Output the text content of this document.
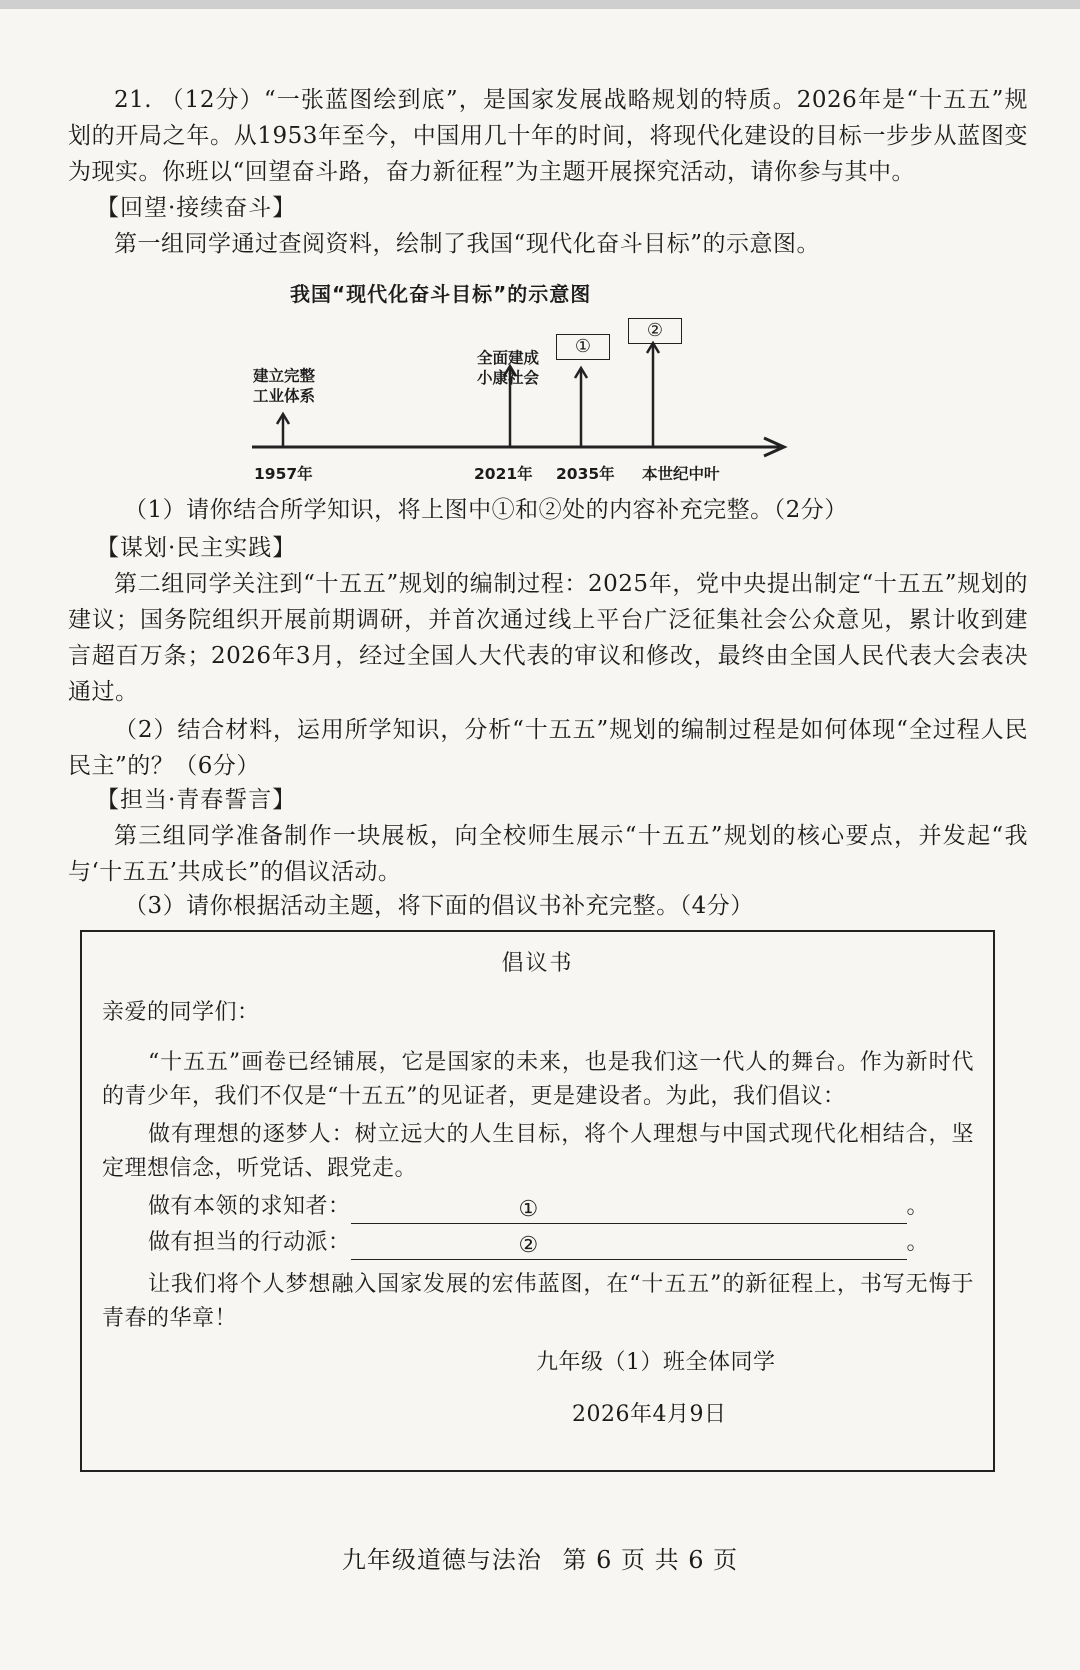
21. （12分）“一张蓝图绘到底”，是国家发展战略规划的特质。2026年是“十五五”规划的开局之年。从1953年至今，中国用几十年的时间，将现代化建设的目标一步步从蓝图变为现实。你班以“回望奋斗路，奋力新征程”为主题开展探究活动，请你参与其中。

【回望·接续奋斗】

第一组同学通过查阅资料，绘制了我国“现代化奋斗目标”的示意图。

我国“现代化奋斗目标”的示意图
建立完整
工业体系
全面建成
小康社会
①
②
1957年	2021年 2035年 本世纪中叶

（1）请你结合所学知识，将上图中①和②处的内容补充完整。（2分）

【谋划·民主实践】

第二组同学关注到“十五五”规划的编制过程：2025年，党中央提出制定“十五五”规划的建议；国务院组织开展前期调研，并首次通过线上平台广泛征集社会公众意见，累计收到建言超百万条；2026年3月，经过全国人大代表的审议和修改，最终由全国人民代表大会表决通过。

（2）结合材料，运用所学知识，分析“十五五”规划的编制过程是如何体现“全过程人民民主”的？（6分）

【担当·青春誓言】

第三组同学准备制作一块展板，向全校师生展示“十五五”规划的核心要点，并发起“我与‘十五五’共成长”的倡议活动。

（3）请你根据活动主题，将下面的倡议书补充完整。（4分）

倡议书

亲爱的同学们：

“十五五”画卷已经铺展，它是国家的未来，也是我们这一代人的舞台。作为新时代的青少年，我们不仅是“十五五”的见证者，更是建设者。为此，我们倡议：

做有理想的逐梦人：树立远大的人生目标，将个人理想与中国式现代化相结合，坚定理想信念，听党话、跟党走。

做有本领的求知者：	①	。
做有担当的行动派：	②	。

让我们将个人梦想融入国家发展的宏伟蓝图，在“十五五”的新征程上，书写无悔于青春的华章！

九年级（1）班全体同学

2026年4月9日

九年级道德与法治 第 6 页 共 6 页
